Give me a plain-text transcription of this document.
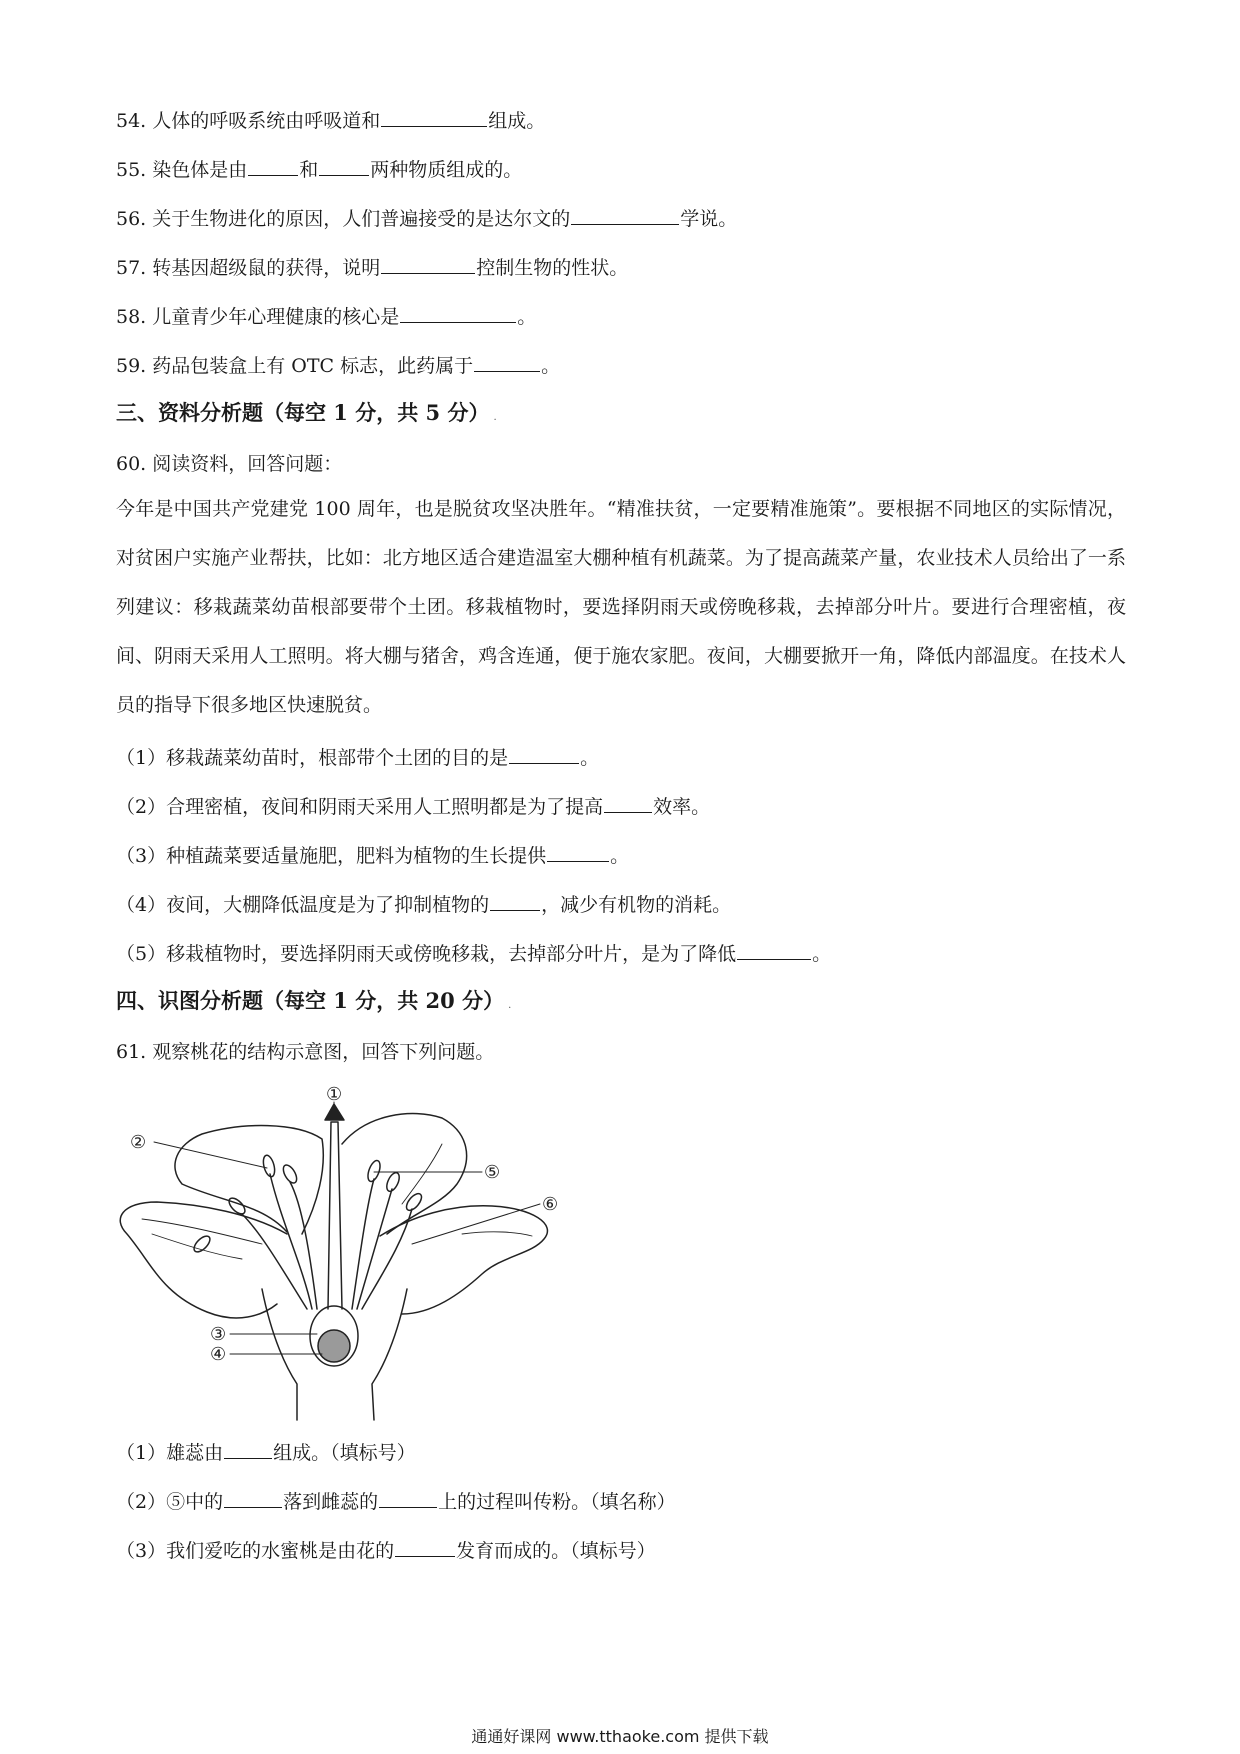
54. 人体的呼吸系统由呼吸道和	组成。
55. 染色体是由	和	两种物质组成的。
56. 关于生物进化的原因，人们普遍接受的是达尔文的	学说。
57. 转基因超级鼠的获得，说明	控制生物的性状。
58. 儿童青少年心理健康的核心是	。
59. 药品包装盒上有 OTC 标志，此药属于	。
三、资料分析题（每空 1 分，共 5 分） .
60. 阅读资料，回答问题：
今年是中国共产党建党 100 周年，也是脱贫攻坚决胜年。“精准扶贫，一定要精准施策”。要根据不同地区的实际情况，对贫困户实施产业帮扶，比如：北方地区适合建造温室大棚种植有机蔬菜。为了提高蔬菜产量，农业技术人员给出了一系列建议：移栽蔬菜幼苗根部要带个土团。移栽植物时，要选择阴雨天或傍晚移栽，去掉部分叶片。要进行合理密植，夜间、阴雨天采用人工照明。将大棚与猪舍，鸡含连通，便于施农家肥。夜间，大棚要掀开一角，降低内部温度。在技术人员的指导下很多地区快速脱贫。
（1）移栽蔬菜幼苗时，根部带个土团的目的是	。
（2）合理密植，夜间和阴雨天采用人工照明都是为了提高	效率。
（3）种植蔬菜要适量施肥，肥料为植物的生长提供	。
（4）夜间，大棚降低温度是为了抑制植物的	，减少有机物的消耗。
（5）移栽植物时，要选择阴雨天或傍晚移栽，去掉部分叶片，是为了降低	。
四、识图分析题（每空 1 分，共 20 分） .
61. 观察桃花的结构示意图，回答下列问题。
①
②
⑤
⑥
③
④
（1）雄蕊由	组成。（填标号）
（2）⑤中的	落到雌蕊的	上的过程叫传粉。（填名称）
（3）我们爱吃的水蜜桃是由花的	发育而成的。（填标号）
通通好课网 www.tthaoke.com 提供下载
